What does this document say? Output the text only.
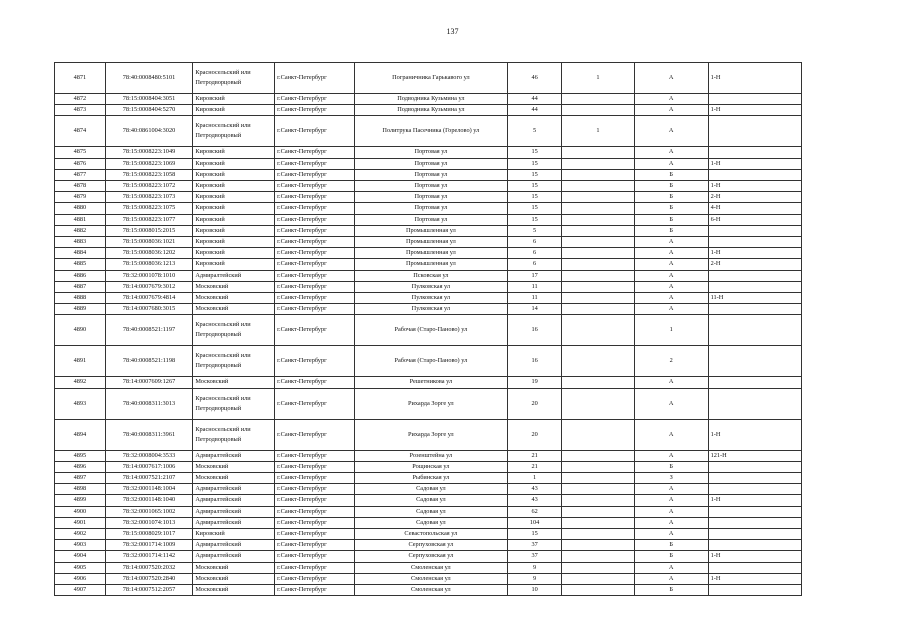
137
4871	78:40:0008480:5101	Красносельский или Петродворцовый	г.Санкт-Петербург	Пограничника Гарькавого ул	46	1	А	1-Н
4872	78:15:0008404:3051	Кировский	г.Санкт-Петербург	Подводника Кузьмина ул	44		А	
4873	78:15:0008404:5270	Кировский	г.Санкт-Петербург	Подводника Кузьмина ул	44		А	1-Н
4874	78:40:0861004:3020	Красносельский или Петродворцовый	г.Санкт-Петербург	Политрука Пасечника (Горелово) ул	5	1	А	
4875	78:15:0008223:1049	Кировский	г.Санкт-Петербург	Портовая ул	15		А	
4876	78:15:0008223:1069	Кировский	г.Санкт-Петербург	Портовая ул	15		А	1-Н
4877	78:15:0008223:1058	Кировский	г.Санкт-Петербург	Портовая ул	15		Б	
4878	78:15:0008223:1072	Кировский	г.Санкт-Петербург	Портовая ул	15		Б	1-Н
4879	78:15:0008223:1073	Кировский	г.Санкт-Петербург	Портовая ул	15		Б	2-Н
4880	78:15:0008223:1075	Кировский	г.Санкт-Петербург	Портовая ул	15		Б	4-Н
4881	78:15:0008223:1077	Кировский	г.Санкт-Петербург	Портовая ул	15		Б	6-Н
4882	78:15:0008015:2015	Кировский	г.Санкт-Петербург	Промышленная ул	5		Б	
4883	78:15:0008036:1021	Кировский	г.Санкт-Петербург	Промышленная ул	6		А	
4884	78:15:0008036:1202	Кировский	г.Санкт-Петербург	Промышленная ул	6		А	1-Н
4885	78:15:0008036:1213	Кировский	г.Санкт-Петербург	Промышленная ул	6		А	2-Н
4886	78:32:0001078:1010	Адмиралтейский	г.Санкт-Петербург	Псковская ул	17		А	
4887	78:14:0007679:3012	Московский	г.Санкт-Петербург	Пулковская ул	11		А	
4888	78:14:0007679:4814	Московский	г.Санкт-Петербург	Пулковская ул	11		А	11-Н
4889	78:14:0007680:3015	Московский	г.Санкт-Петербург	Пулковская ул	14		А	
4890	78:40:0008521:1197	Красносельский или Петродворцовый	г.Санкт-Петербург	Рабочая (Старо-Паново) ул	16		1	
4891	78:40:0008521:1198	Красносельский или Петродворцовый	г.Санкт-Петербург	Рабочая (Старо-Паново) ул	16		2	
4892	78:14:0007609:1267	Московский	г.Санкт-Петербург	Решетникова ул	19		А	
4893	78:40:0008311:3013	Красносельский или Петродворцовый	г.Санкт-Петербург	Рихарда Зорге ул	20		А	
4894	78:40:0008311:3961	Красносельский или Петродворцовый	г.Санкт-Петербург	Рихарда Зорге ул	20		А	1-Н
4895	78:32:0008004:3533	Адмиралтейский	г.Санкт-Петербург	Розенштейна ул	21		А	121-Н
4896	78:14:0007617:1006	Московский	г.Санкт-Петербург	Рощинская ул	21		Б	
4897	78:14:0007521:2107	Московский	г.Санкт-Петербург	Рыбинская ул	1		З	
4898	78:32:0001148:1004	Адмиралтейский	г.Санкт-Петербург	Садовая ул	43		А	
4899	78:32:0001148:1040	Адмиралтейский	г.Санкт-Петербург	Садовая ул	43		А	1-Н
4900	78:32:0001065:1002	Адмиралтейский	г.Санкт-Петербург	Садовая ул	62		А	
4901	78:32:0001074:1013	Адмиралтейский	г.Санкт-Петербург	Садовая ул	104		А	
4902	78:15:0008029:1017	Кировский	г.Санкт-Петербург	Севастопольская ул	15		А	
4903	78:32:0001714:1009	Адмиралтейский	г.Санкт-Петербург	Серпуховская ул	37		Б	
4904	78:32:0001714:1142	Адмиралтейский	г.Санкт-Петербург	Серпуховская ул	37		Б	1-Н
4905	78:14:0007520:2032	Московский	г.Санкт-Петербург	Смоленская ул	9		А	
4906	78:14:0007520:2840	Московский	г.Санкт-Петербург	Смоленская ул	9		А	1-Н
4907	78:14:0007512:2057	Московский	г.Санкт-Петербург	Смоленская ул	10		Б	
